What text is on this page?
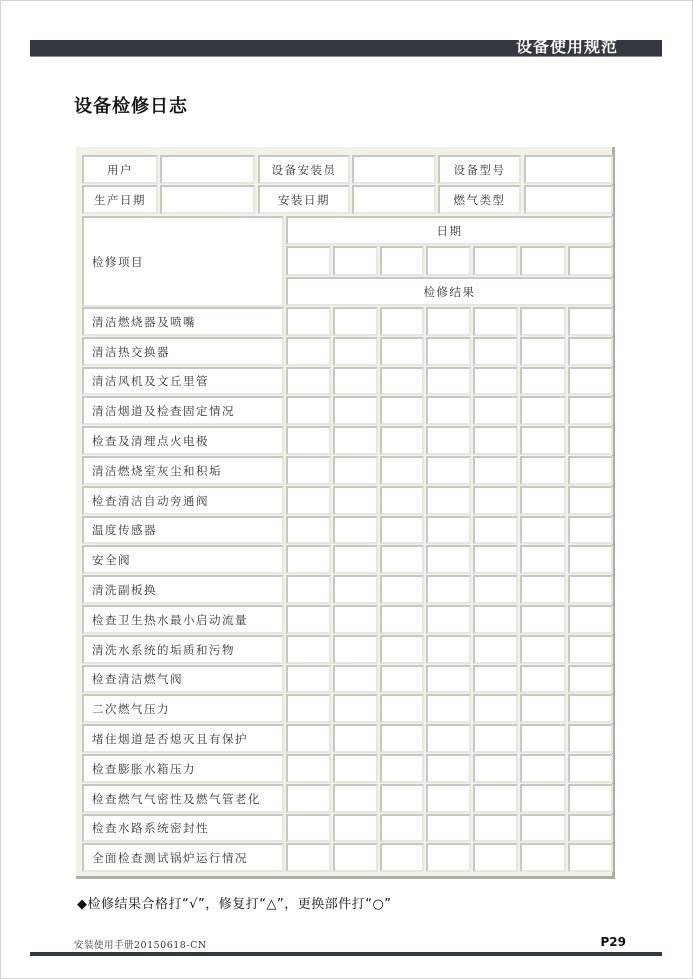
设备使用规范
设备检修日志
用户	设备安装员	设备型号
生产日期	安装日期	燃气类型
检修项目
日期
检修结果
清洁燃烧器及喷嘴
清洁热交换器
清洁风机及文丘里管
清洁烟道及检查固定情况
检查及清理点火电极
清洁燃烧室灰尘和积垢
检查清洁自动旁通阀
温度传感器
安全阀
清洗副板换
检查卫生热水最小启动流量
清洗水系统的垢质和污物
检查清洁燃气阀
二次燃气压力
堵住烟道是否熄灭且有保护
检查膨胀水箱压力
检查燃气气密性及燃气管老化
检查水路系统密封性
全面检查测试锅炉运行情况
◆检修结果合格打“√”，修复打“△”，更换部件打“○”
安装使用手册20150618-CN	P29
